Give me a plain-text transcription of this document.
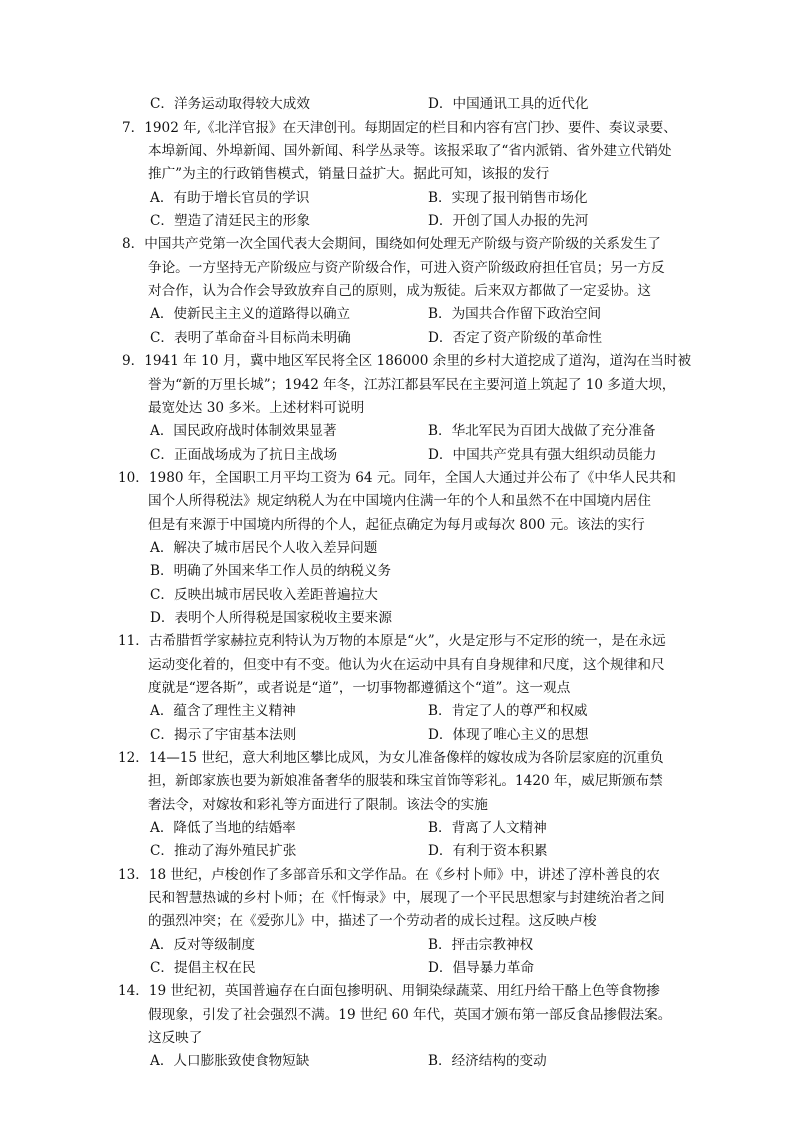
C．洋务运动取得较大成效	D．中国通讯工具的近代化
7．1902 年,《北洋官报》在天津创刊。每期固定的栏目和内容有宫门抄、要件、奏议录要、
本埠新闻、外埠新闻、国外新闻、科学丛录等。该报采取了“省内派销、省外建立代销处
推广”为主的行政销售模式，销量日益扩大。据此可知，该报的发行
A．有助于增长官员的学识	B．实现了报刊销售市场化
C．塑造了清廷民主的形象	D．开创了国人办报的先河
8．中国共产党第一次全国代表大会期间，围绕如何处理无产阶级与资产阶级的关系发生了
争论。一方坚持无产阶级应与资产阶级合作，可进入资产阶级政府担任官员；另一方反
对合作，认为合作会导致放弃自己的原则，成为叛徒。后来双方都做了一定妥协。这
A．使新民主主义的道路得以确立	B．为国共合作留下政治空间
C．表明了革命奋斗目标尚未明确	D．否定了资产阶级的革命性
9．1941 年 10 月，冀中地区军民将全区 186000 余里的乡村大道挖成了道沟，道沟在当时被
誉为“新的万里长城”；1942 年冬，江苏江都县军民在主要河道上筑起了 10 多道大坝，
最宽处达 30 多米。上述材料可说明
A．国民政府战时体制效果显著	B．华北军民为百团大战做了充分准备
C．正面战场成为了抗日主战场	D．中国共产党具有强大组织动员能力
10．1980 年，全国职工月平均工资为 64 元。同年，全国人大通过并公布了《中华人民共和
国个人所得税法》规定纳税人为在中国境内住满一年的个人和虽然不在中国境内居住
但是有来源于中国境内所得的个人，起征点确定为每月或每次 800 元。该法的实行
A．解决了城市居民个人收入差异问题
B．明确了外国来华工作人员的纳税义务
C．反映出城市居民收入差距普遍拉大
D．表明个人所得税是国家税收主要来源
11．古希腊哲学家赫拉克利特认为万物的本原是“火”，火是定形与不定形的统一，是在永远
运动变化着的，但变中有不变。他认为火在运动中具有自身规律和尺度，这个规律和尺
度就是“逻各斯”，或者说是“道”，一切事物都遵循这个“道”。这一观点
A．蕴含了理性主义精神	B．肯定了人的尊严和权威
C．揭示了宇宙基本法则	D．体现了唯心主义的思想
12．14—15 世纪，意大利地区攀比成风，为女儿准备像样的嫁妆成为各阶层家庭的沉重负
担，新郎家族也要为新娘准备奢华的服装和珠宝首饰等彩礼。1420 年，威尼斯颁布禁
奢法令，对嫁妆和彩礼等方面进行了限制。该法令的实施
A．降低了当地的结婚率	B．背离了人文精神
C．推动了海外殖民扩张	D．有利于资本积累
13．18 世纪，卢梭创作了多部音乐和文学作品。在《乡村卜师》中，讲述了淳朴善良的农
民和智慧热诚的乡村卜师；在《忏悔录》中，展现了一个平民思想家与封建统治者之间
的强烈冲突；在《爱弥儿》中，描述了一个劳动者的成长过程。这反映卢梭
A．反对等级制度	B．抨击宗教神权
C．提倡主权在民	D．倡导暴力革命
14．19 世纪初，英国普遍存在白面包掺明矾、用铜染绿蔬菜、用红丹给干酪上色等食物掺
假现象，引发了社会强烈不满。19 世纪 60 年代，英国才颁布第一部反食品掺假法案。
这反映了
A．人口膨胀致使食物短缺	B．经济结构的变动
